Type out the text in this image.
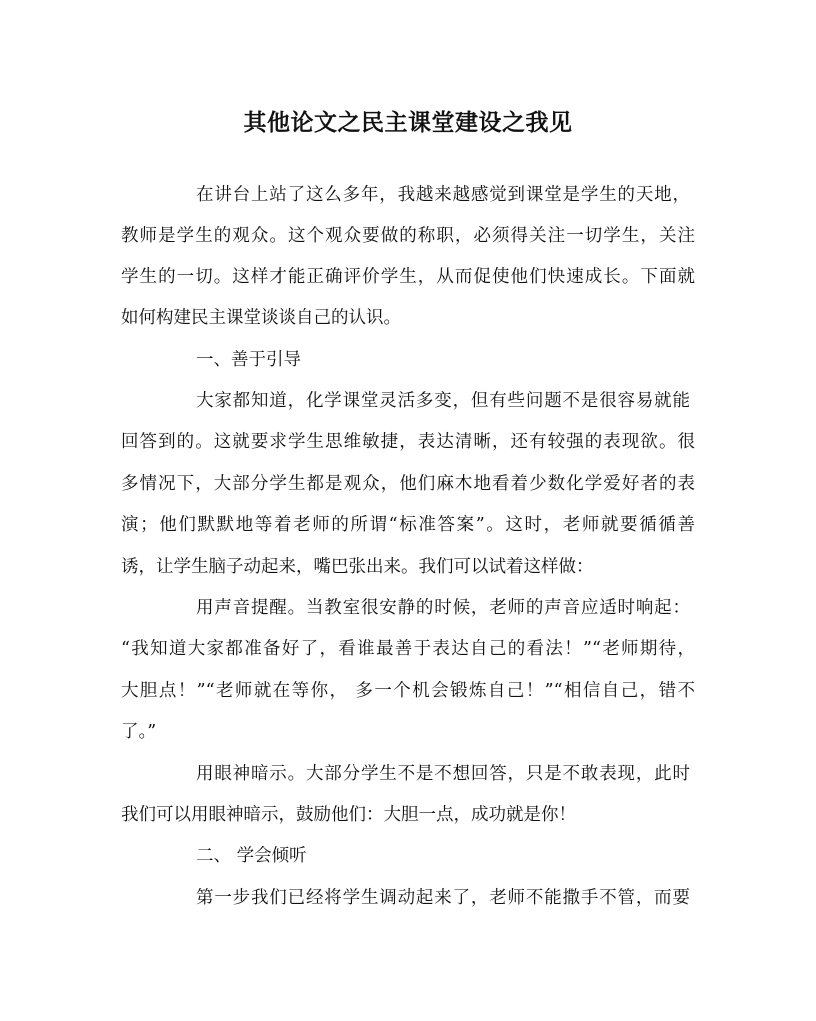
其他论文之民主课堂建设之我见
在讲台上站了这么多年，我越来越感觉到课堂是学生的天地，
教师是学生的观众。这个观众要做的称职，必须得关注一切学生，关注
学生的一切。这样才能正确评价学生，从而促使他们快速成长。下面就
如何构建民主课堂谈谈自己的认识。
一、善于引导
大家都知道，化学课堂灵活多变，但有些问题不是很容易就能
回答到的。这就要求学生思维敏捷，表达清晰，还有较强的表现欲。很
多情况下，大部分学生都是观众，他们麻木地看着少数化学爱好者的表
演；他们默默地等着老师的所谓“标准答案”。这时，老师就要循循善
诱，让学生脑子动起来，嘴巴张出来。我们可以试着这样做：
用声音提醒。当教室很安静的时候，老师的声音应适时响起：
“我知道大家都准备好了，看谁最善于表达自己的看法！”“老师期待，
大胆点！”“老师就在等你， 多一个机会锻炼自己！”“相信自己，错不
了。”
用眼神暗示。大部分学生不是不想回答，只是不敢表现，此时
我们可以用眼神暗示，鼓励他们：大胆一点，成功就是你！
二、 学会倾听
第一步我们已经将学生调动起来了，老师不能撒手不管，而要
